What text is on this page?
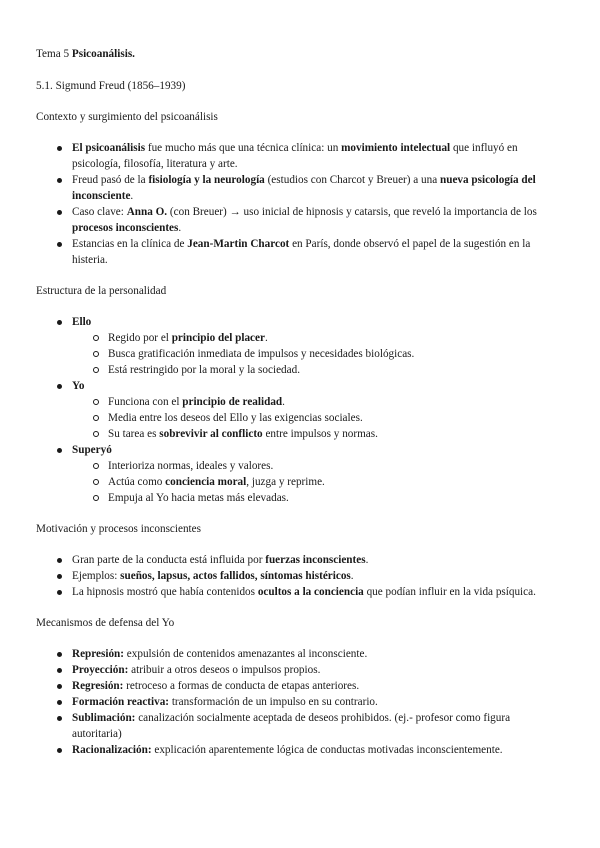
Tema 5 Psicoanálisis.

5.1. Sigmund Freud (1856–1939)

Contexto y surgimiento del psicoanálisis

El psicoanálisis fue mucho más que una técnica clínica: un movimiento intelectual que influyó en psicología, filosofía, literatura y arte.
Freud pasó de la fisiología y la neurología (estudios con Charcot y Breuer) a una nueva psicología del inconsciente.
Caso clave: Anna O. (con Breuer) → uso inicial de hipnosis y catarsis, que reveló la importancia de los procesos inconscientes.
Estancias en la clínica de Jean-Martin Charcot en París, donde observó el papel de la sugestión en la histeria.

Estructura de la personalidad

Ello
Regido por el principio del placer.
Busca gratificación inmediata de impulsos y necesidades biológicas.
Está restringido por la moral y la sociedad.
Yo
Funciona con el principio de realidad.
Media entre los deseos del Ello y las exigencias sociales.
Su tarea es sobrevivir al conflicto entre impulsos y normas.
Superyó
Interioriza normas, ideales y valores.
Actúa como conciencia moral, juzga y reprime.
Empuja al Yo hacia metas más elevadas.

Motivación y procesos inconscientes

Gran parte de la conducta está influida por fuerzas inconscientes.
Ejemplos: sueños, lapsus, actos fallidos, síntomas histéricos.
La hipnosis mostró que había contenidos ocultos a la conciencia que podían influir en la vida psíquica.

Mecanismos de defensa del Yo

Represión: expulsión de contenidos amenazantes al inconsciente.
Proyección: atribuir a otros deseos o impulsos propios.
Regresión: retroceso a formas de conducta de etapas anteriores.
Formación reactiva: transformación de un impulso en su contrario.
Sublimación: canalización socialmente aceptada de deseos prohibidos. (ej.- profesor como figura autoritaria)
Racionalización: explicación aparentemente lógica de conductas motivadas inconscientemente.
